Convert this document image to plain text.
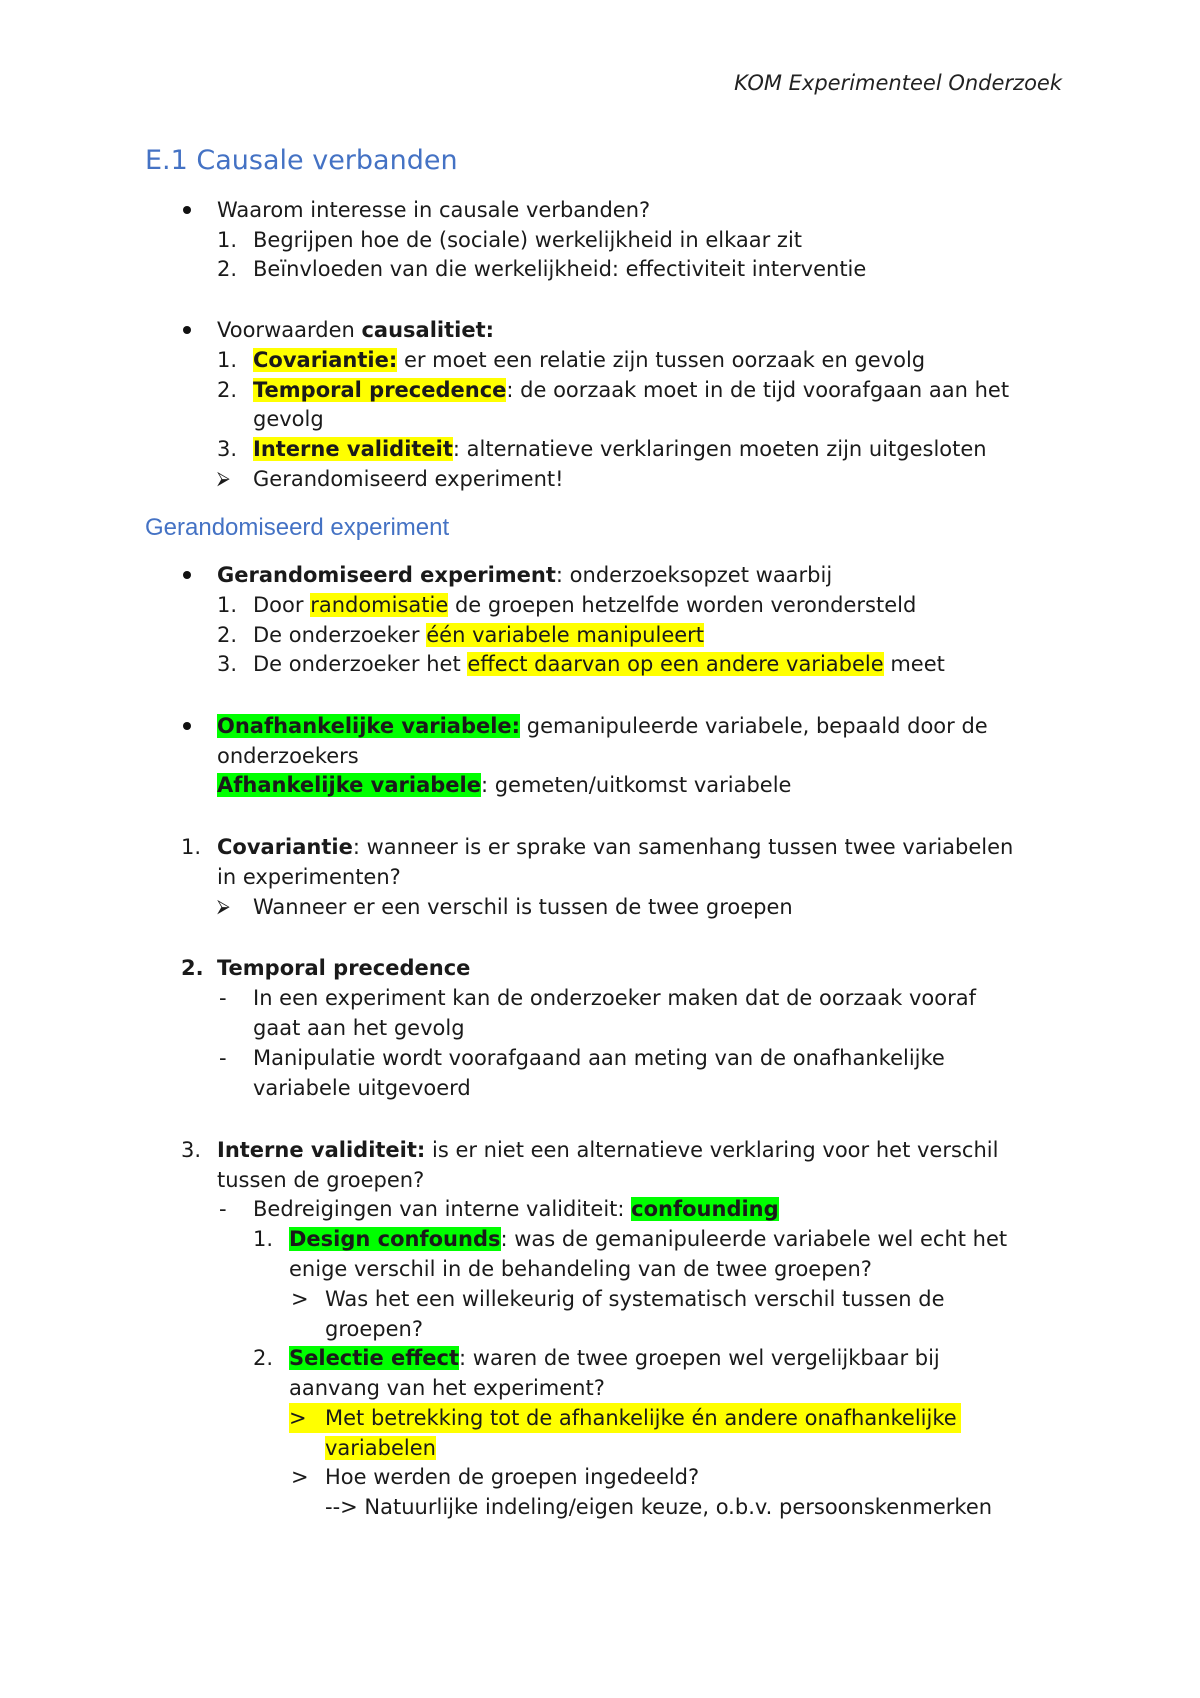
KOM Experimenteel Onderzoek
E.1 Causale verbanden
Waarom interesse in causale verbanden?
1. Begrijpen hoe de (sociale) werkelijkheid in elkaar zit
2. Beïnvloeden van die werkelijkheid: effectiviteit interventie
Voorwaarden causalitiet:
1. Covariantie: er moet een relatie zijn tussen oorzaak en gevolg
2. Temporal precedence: de oorzaak moet in de tijd voorafgaan aan het
gevolg
3. Interne validiteit: alternatieve verklaringen moeten zijn uitgesloten
⮚ Gerandomiseerd experiment!
Gerandomiseerd experiment
Gerandomiseerd experiment: onderzoeksopzet waarbij
1. Door randomisatie de groepen hetzelfde worden verondersteld
2. De onderzoeker één variabele manipuleert
3. De onderzoeker het effect daarvan op een andere variabele meet
Onafhankelijke variabele: gemanipuleerde variabele, bepaald door de
onderzoekers
Afhankelijke variabele: gemeten/uitkomst variabele
1. Covariantie: wanneer is er sprake van samenhang tussen twee variabelen
in experimenten?
⮚ Wanneer er een verschil is tussen de twee groepen
2. Temporal precedence
- In een experiment kan de onderzoeker maken dat de oorzaak vooraf
gaat aan het gevolg
- Manipulatie wordt voorafgaand aan meting van de onafhankelijke
variabele uitgevoerd
3. Interne validiteit: is er niet een alternatieve verklaring voor het verschil
tussen de groepen?
- Bedreigingen van interne validiteit: confounding
1. Design confounds: was de gemanipuleerde variabele wel echt het
enige verschil in de behandeling van de twee groepen?
> Was het een willekeurig of systematisch verschil tussen de
groepen?
2. Selectie effect: waren de twee groepen wel vergelijkbaar bij
aanvang van het experiment?
> Met betrekking tot de afhankelijke én andere onafhankelijke
variabelen
> Hoe werden de groepen ingedeeld?
--> Natuurlijke indeling/eigen keuze, o.b.v. persoonskenmerken
